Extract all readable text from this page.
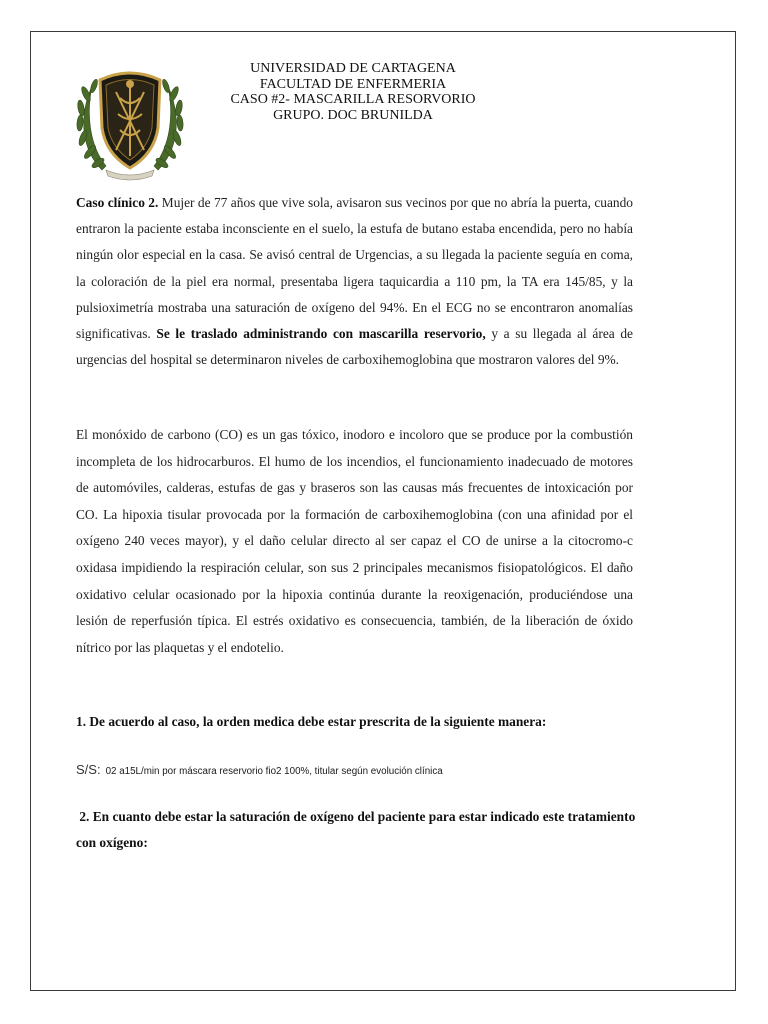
UNIVERSIDAD DE CARTAGENA
FACULTAD DE ENFERMERIA
CASO #2- MASCARILLA RESORVORIO
GRUPO. DOC BRUNILDA
Caso clínico 2. Mujer de 77 años que vive sola, avisaron sus vecinos por que no abría la puerta, cuando entraron la paciente estaba inconsciente en el suelo, la estufa de butano estaba encendida, pero no había ningún olor especial en la casa. Se avisó central de Urgencias, a su llegada la paciente seguía en coma, la coloración de la piel era normal, presentaba ligera taquicardia a 110 pm, la TA era 145/85, y la pulsioximetría mostraba una saturación de oxígeno del 94%. En el ECG no se encontraron anomalías significativas. Se le traslado administrando con mascarilla reservorio, y a su llegada al área de urgencias del hospital se determinaron niveles de carboxihemoglobina que mostraron valores del 9%.
El monóxido de carbono (CO) es un gas tóxico, inodoro e incoloro que se produce por la combustión incompleta de los hidrocarburos. El humo de los incendios, el funcionamiento inadecuado de motores de automóviles, calderas, estufas de gas y braseros son las causas más frecuentes de intoxicación por CO. La hipoxia tisular provocada por la formación de carboxihemoglobina (con una afinidad por el oxígeno 240 veces mayor), y el daño celular directo al ser capaz el CO de unirse a la citocromo-c oxidasa impidiendo la respiración celular, son sus 2 principales mecanismos fisiopatológicos. El daño oxidativo celular ocasionado por la hipoxia continúa durante la reoxigenación, produciéndose una lesión de reperfusión típica. El estrés oxidativo es consecuencia, también, de la liberación de óxido nítrico por las plaquetas y el endotelio.
1. De acuerdo al caso, la orden medica debe estar prescrita de la siguiente manera:
S/S: 02 a15L/min por máscara reservorio fio2 100%, titular según evolución clínica
2. En cuanto debe estar la saturación de oxígeno del paciente para estar indicado este tratamiento con oxígeno:
